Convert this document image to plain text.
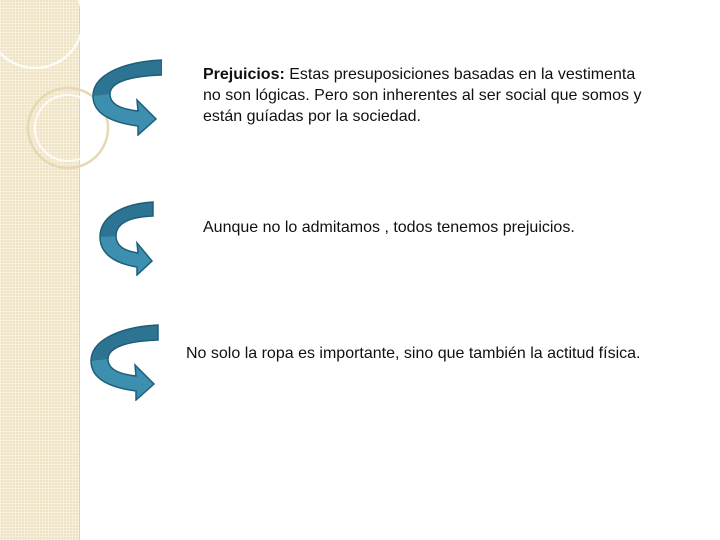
Prejuicios: Estas presuposiciones basadas en la vestimenta no son lógicas. Pero son inherentes al ser social que somos y están guíadas por la sociedad.

Aunque no lo admitamos , todos tenemos prejuicios.

No solo la ropa es importante, sino que también la actitud física.
